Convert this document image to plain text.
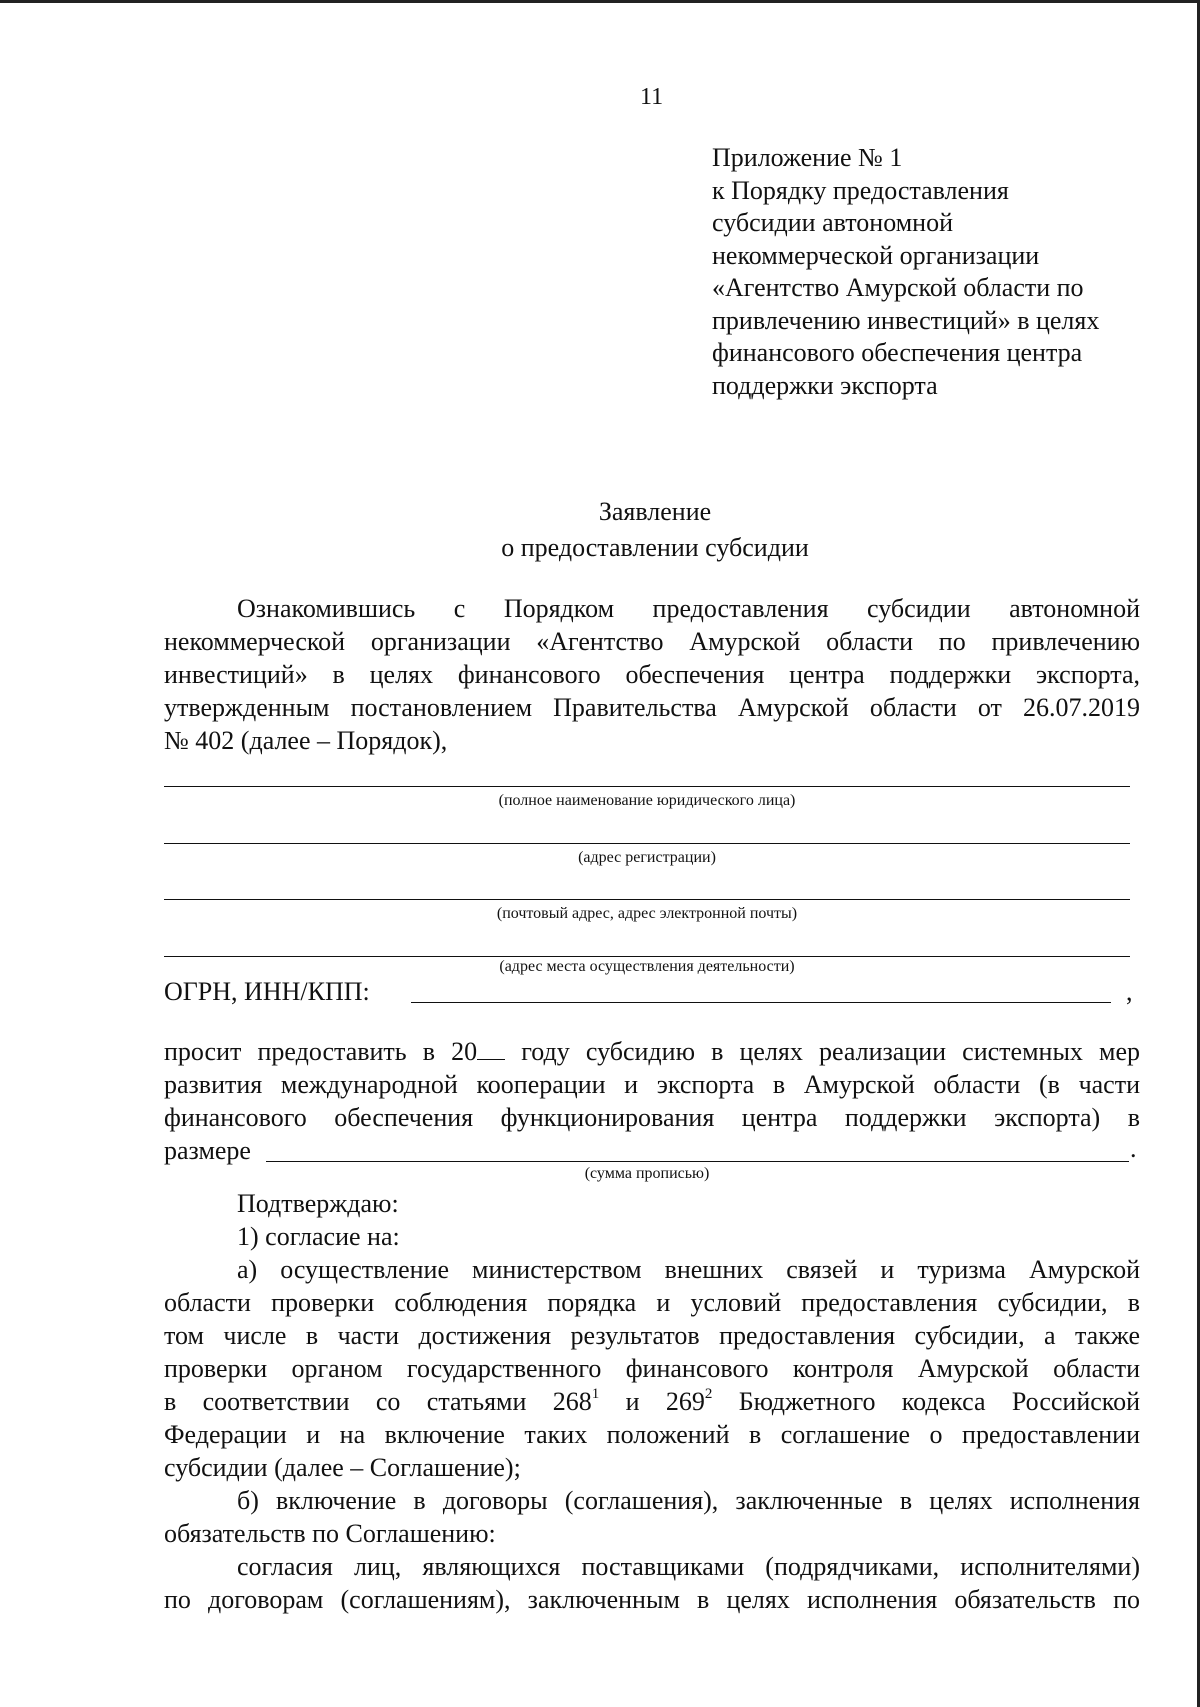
11
Приложение № 1
к Порядку предоставления
субсидии автономной
некоммерческой организации
«Агентство Амурской области по
привлечению инвестиций» в целях
финансового обеспечения центра
поддержки экспорта
Заявление
о предоставлении субсидии
Ознакомившись с Порядком предоставления субсидии автономной
некоммерческой организации «Агентство Амурской области по привлечению
инвестиций» в целях финансового обеспечения центра поддержки экспорта,
утвержденным постановлением Правительства Амурской области от 26.07.2019
№ 402 (далее – Порядок),
(полное наименование юридического лица)
(адрес регистрации)
(почтовый адрес, адрес электронной почты)
(адрес места осуществления деятельности)
ОГРН, ИНН/КПП:	,
просит предоставить в 20 году субсидию в целях реализации системных мер
развития международной кооперации и экспорта в Амурской области (в части
финансового обеспечения функционирования центра поддержки экспорта) в
размере	.
(сумма прописью)
Подтверждаю:
1) согласие на:
а) осуществление министерством внешних связей и туризма Амурской
области проверки соблюдения порядка и условий предоставления субсидии, в
том числе в части достижения результатов предоставления субсидии, а также
проверки органом государственного финансового контроля Амурской области
в соответствии со статьями $268^1$ и $269^2$ Бюджетного кодекса Российской
Федерации и на включение таких положений в соглашение о предоставлении
субсидии (далее – Соглашение);
б) включение в договоры (соглашения), заключенные в целях исполнения
обязательств по Соглашению:
согласия лиц, являющихся поставщиками (подрядчиками, исполнителями)
по договорам (соглашениям), заключенным в целях исполнения обязательств по
